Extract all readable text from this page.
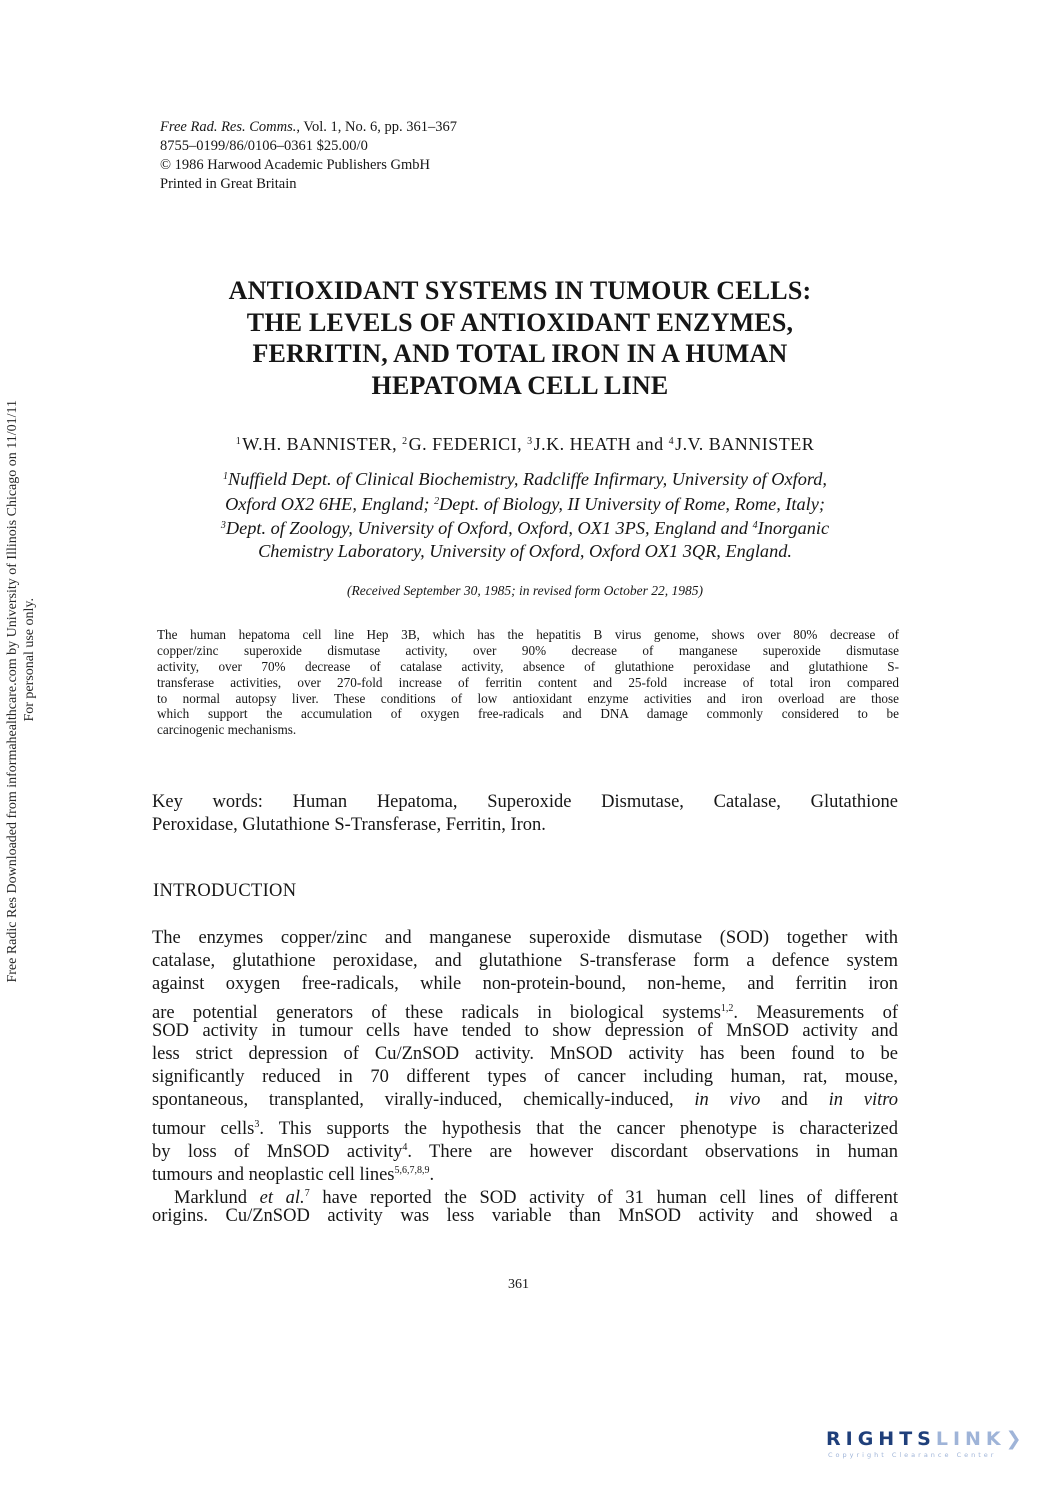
Free Radic Res Downloaded from informahealthcare.com by University of Illinois Chicago on 11/01/11 For personal use only.
Free Rad. Res. Comms., Vol. 1, No. 6, pp. 361–367
8755–0199/86/0106–0361 $25.00/0
© 1986 Harwood Academic Publishers GmbH
Printed in Great Britain
ANTIOXIDANT SYSTEMS IN TUMOUR CELLS:
THE LEVELS OF ANTIOXIDANT ENZYMES,
FERRITIN, AND TOTAL IRON IN A HUMAN
HEPATOMA CELL LINE
$^1$W.H. BANNISTER, $^2$G. FEDERICI, $^3$J.K. HEATH and $^4$J.V. BANNISTER
$^1$Nuffield Dept. of Clinical Biochemistry, Radcliffe Infirmary, University of Oxford,
Oxford OX2 6HE, England; $^2$Dept. of Biology, II University of Rome, Rome, Italy;
$^3$Dept. of Zoology, University of Oxford, Oxford, OX1 3PS, England and $^4$Inorganic
Chemistry Laboratory, University of Oxford, Oxford OX1 3QR, England.
(Received September 30, 1985; in revised form October 22, 1985)
The human hepatoma cell line Hep 3B, which has the hepatitis B virus genome, shows over 80% decrease of
copper/zinc superoxide dismutase activity, over 90% decrease of manganese superoxide dismutase
activity, over 70% decrease of catalase activity, absence of glutathione peroxidase and glutathione S-
transferase activities, over 270-fold increase of ferritin content and 25-fold increase of total iron compared
to normal autopsy liver. These conditions of low antioxidant enzyme activities and iron overload are those
which support the accumulation of oxygen free-radicals and DNA damage commonly considered to be
carcinogenic mechanisms.
Key words: Human Hepatoma, Superoxide Dismutase, Catalase, Glutathione
Peroxidase, Glutathione S-Transferase, Ferritin, Iron.
INTRODUCTION
The enzymes copper/zinc and manganese superoxide dismutase (SOD) together with
catalase, glutathione peroxidase, and glutathione S-transferase form a defence system
against oxygen free-radicals, while non-protein-bound, non-heme, and ferritin iron
are potential generators of these radicals in biological systems$^{1,2}$. Measurements of
SOD activity in tumour cells have tended to show depression of MnSOD activity and
less strict depression of Cu/ZnSOD activity. MnSOD activity has been found to be
significantly reduced in 70 different types of cancer including human, rat, mouse,
spontaneous, transplanted, virally-induced, chemically-induced, in vivo and in vitro
tumour cells$^3$. This supports the hypothesis that the cancer phenotype is characterized
by loss of MnSOD activity$^4$. There are however discordant observations in human
tumours and neoplastic cell lines$^{5,6,7,8,9}$.
Marklund et al.$^7$ have reported the SOD activity of 31 human cell lines of different
origins. Cu/ZnSOD activity was less variable than MnSOD activity and showed a
361
RIGHTSLINK❯
Copyright Clearance Center
